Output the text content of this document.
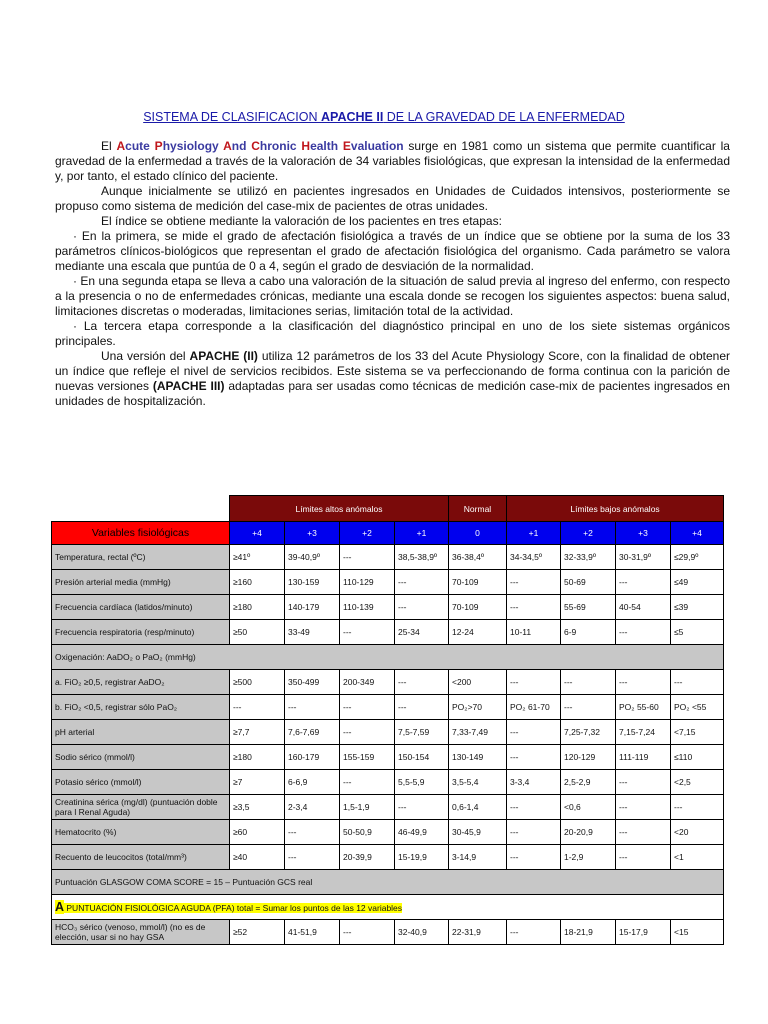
SISTEMA DE CLASIFICACION APACHE II DE LA GRAVEDAD DE LA ENFERMEDAD

El Acute Physiology And Chronic Health Evaluation surge en 1981 como un sistema que permite cuantificar la gravedad de la enfermedad a través de la valoración de 34 variables fisiológicas, que expresan la intensidad de la enfermedad y, por tanto, el estado clínico del paciente.

Aunque inicialmente se utilizó en pacientes ingresados en Unidades de Cuidados intensivos, posteriormente se propuso como sistema de medición del case-mix de pacientes de otras unidades.

El índice se obtiene mediante la valoración de los pacientes en tres etapas:

· En la primera, se mide el grado de afectación fisiológica a través de un índice que se obtiene por la suma de los 33 parámetros clínicos-biológicos que representan el grado de afectación fisiológica del organismo. Cada parámetro se valora mediante una escala que puntúa de 0 a 4, según el grado de desviación de la normalidad.

· En una segunda etapa se lleva a cabo una valoración de la situación de salud previa al ingreso del enfermo, con respecto a la presencia o no de enfermedades crónicas, mediante una escala donde se recogen los siguientes aspectos: buena salud, limitaciones discretas o moderadas, limitaciones serias, limitación total de la actividad.

· La tercera etapa corresponde a la clasificación del diagnóstico principal en uno de los siete sistemas orgánicos principales.

Una versión del APACHE (II) utiliza 12 parámetros de los 33 del Acute Physiology Score, con la finalidad de obtener un índice que refleje el nivel de servicios recibidos. Este sistema se va perfeccionando de forma continua con la parición de nuevas versiones (APACHE III) adaptadas para ser usadas como técnicas de medición case-mix de pacientes ingresados en unidades de hospitalización.

	Límites altos anómalos				Normal	Límites bajos anómalos			
Variables fisiológicas	+4	+3	+2	+1	0	+1	+2	+3	+4
Temperatura, rectal (ºC)	≥41º	39-40,9º	---	38,5-38,9º	36-38,4º	34-34,5º	32-33,9º	30-31,9º	≤29,9º
Presión arterial media (mmHg)	≥160	130-159	110-129	---	70-109	---	50-69	---	≤49
Frecuencia cardíaca (latidos/minuto)	≥180	140-179	110-139	---	70-109	---	55-69	40-54	≤39
Frecuencia respiratoria (resp/minuto)	≥50	33-49	---	25-34	12-24	10-11	6-9	---	≤5
Oxigenación: AaDO₂ o PaO₂ (mmHg)									
a. FiO₂ ≥0,5, registrar AaDO₂	≥500	350-499	200-349	---	<200	---	---	---	---
b. FiO₂ <0,5, registrar sólo PaO₂	---	---	---	---	PO₂>70	PO₂ 61-70	---	PO₂ 55-60	PO₂ <55
pH arterial	≥7,7	7,6-7,69	---	7,5-7,59	7,33-7,49	---	7,25-7,32	7,15-7,24	<7,15
Sodio sérico (mmol/l)	≥180	160-179	155-159	150-154	130-149	---	120-129	111-119	≤110
Potasio sérico (mmol/l)	≥7	6-6,9	---	5,5-5,9	3,5-5,4	3-3,4	2,5-2,9	---	<2,5
Creatinina sérica (mg/dl) (puntuación doble para l Renal Aguda)	≥3,5	2-3,4	1,5-1,9	---	0,6-1,4	---	<0,6	---	---
Hematocrito (%)	≥60	---	50-50,9	46-49,9	30-45,9	---	20-20,9	---	<20
Recuento de leucocitos (total/mm³)	≥40	---	20-39,9	15-19,9	3-14,9	---	1-2,9	---	<1
Puntuación GLASGOW COMA SCORE = 15 – Puntuación GCS real									
A PUNTUACIÓN FISIOLÓGICA AGUDA (PFA) total = Sumar los puntos de las 12 variables									
HCO₃ sérico (venoso, mmol/l) (no es de elección, usar si no hay GSA	≥52	41-51,9	---	32-40,9	22-31,9	---	18-21,9	15-17,9	<15
